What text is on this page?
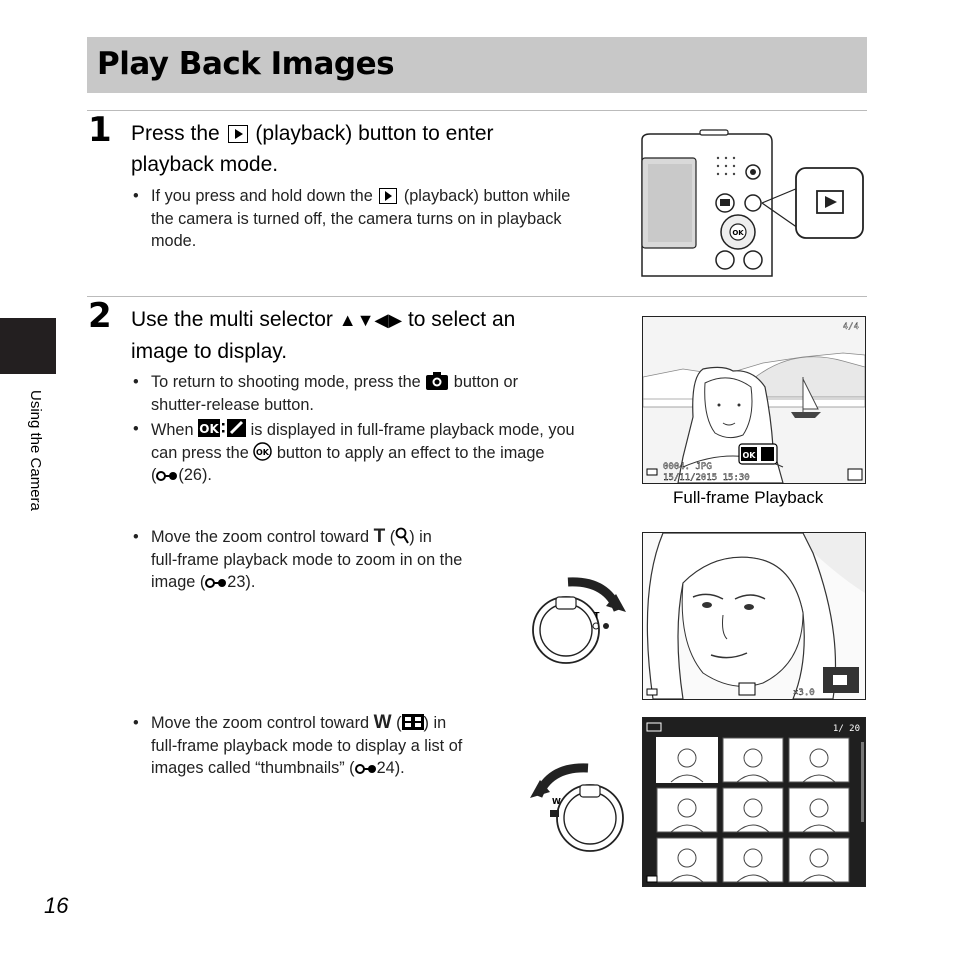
Play Back Images
Using the Camera
1 Press the (playback) button to enter
playback mode.
• If you press and hold down the (playback) button while
the camera is turned off, the camera turns on in playback
mode.	OK
2 Use the multi selector ▲▼◀▶ to select an
image to display.
• To return to shooting mode, press the button or
shutter-release button.
• When OK is displayed in full-frame playback mode, you
can press the OK button to apply an effect to the image
( (26).
4/4
OK
0004. JPG
15/11/2015 15:30
Full-frame Playback
• Move the zoom control toward T ( ) in
full-frame playback mode to zoom in on the
image ( 23).
T
×3.0
• Move the zoom control toward W ( ) in
full-frame playback mode to display a list of
images called “thumbnails” ( 24).
W
1/ 20
16
